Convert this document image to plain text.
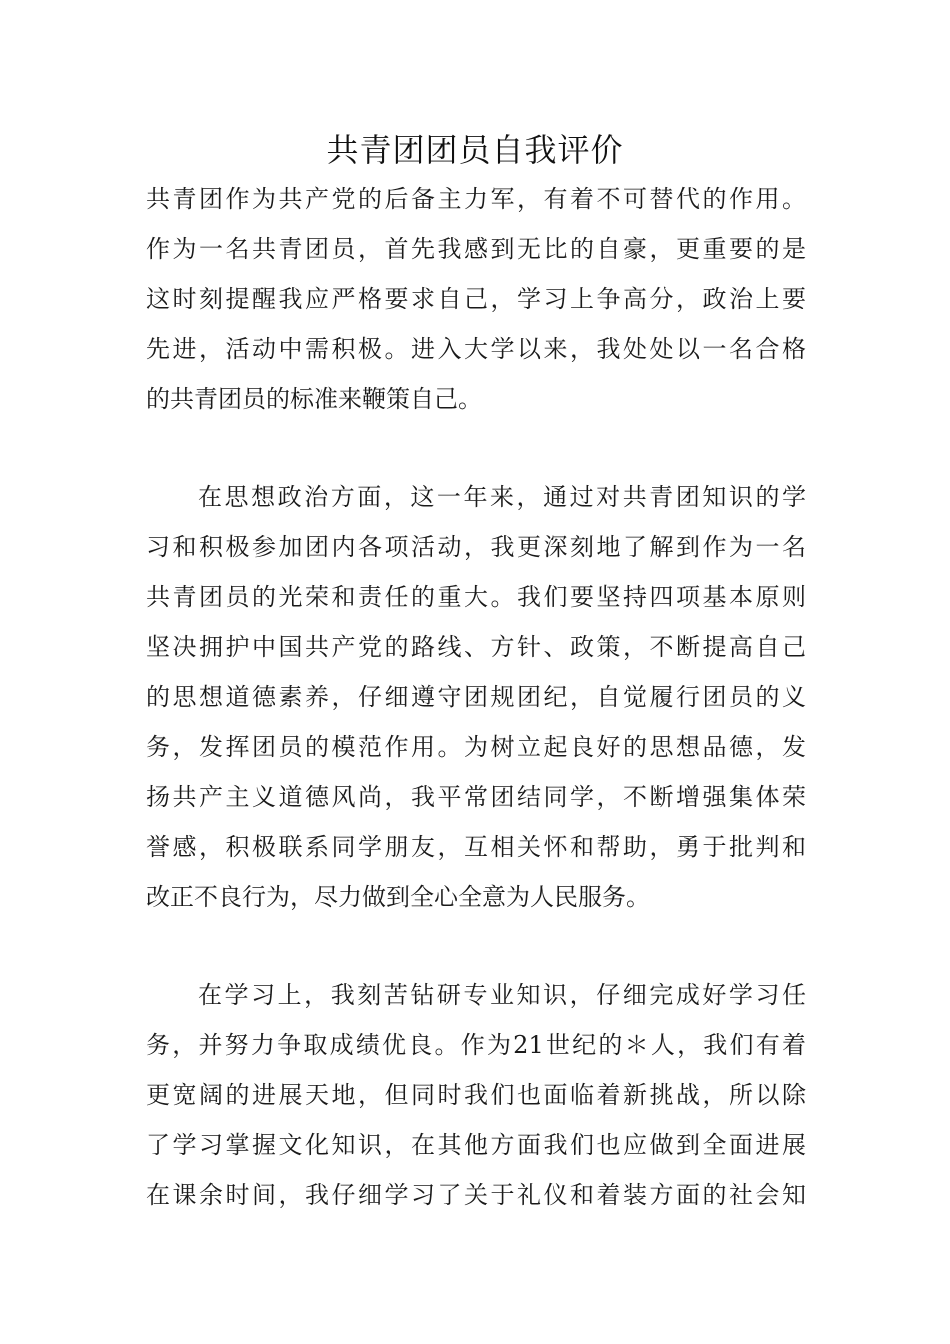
共青团团员自我评价
共青团作为共产党的后备主力军，有着不可替代的作用。
作为一名共青团员，首先我感到无比的自豪，更重要的是
这时刻提醒我应严格要求自己，学习上争高分，政治上要
先进，活动中需积极。进入大学以来，我处处以一名合格
的共青团员的标准来鞭策自己。
在思想政治方面，这一年来，通过对共青团知识的学
习和积极参加团内各项活动，我更深刻地了解到作为一名
共青团员的光荣和责任的重大。我们要坚持四项基本原则
坚决拥护中国共产党的路线、方针、政策，不断提高自己
的思想道德素养，仔细遵守团规团纪，自觉履行团员的义
务，发挥团员的模范作用。为树立起良好的思想品德，发
扬共产主义道德风尚，我平常团结同学，不断增强集体荣
誉感，积极联系同学朋友，互相关怀和帮助，勇于批判和
改正不良行为，尽力做到全心全意为人民服务。
在学习上，我刻苦钻研专业知识，仔细完成好学习任
务，并努力争取成绩优良。作为21世纪的＊人，我们有着
更宽阔的进展天地，但同时我们也面临着新挑战，所以除
了学习掌握文化知识，在其他方面我们也应做到全面进展
在课余时间，我仔细学习了关于礼仪和着装方面的社会知
